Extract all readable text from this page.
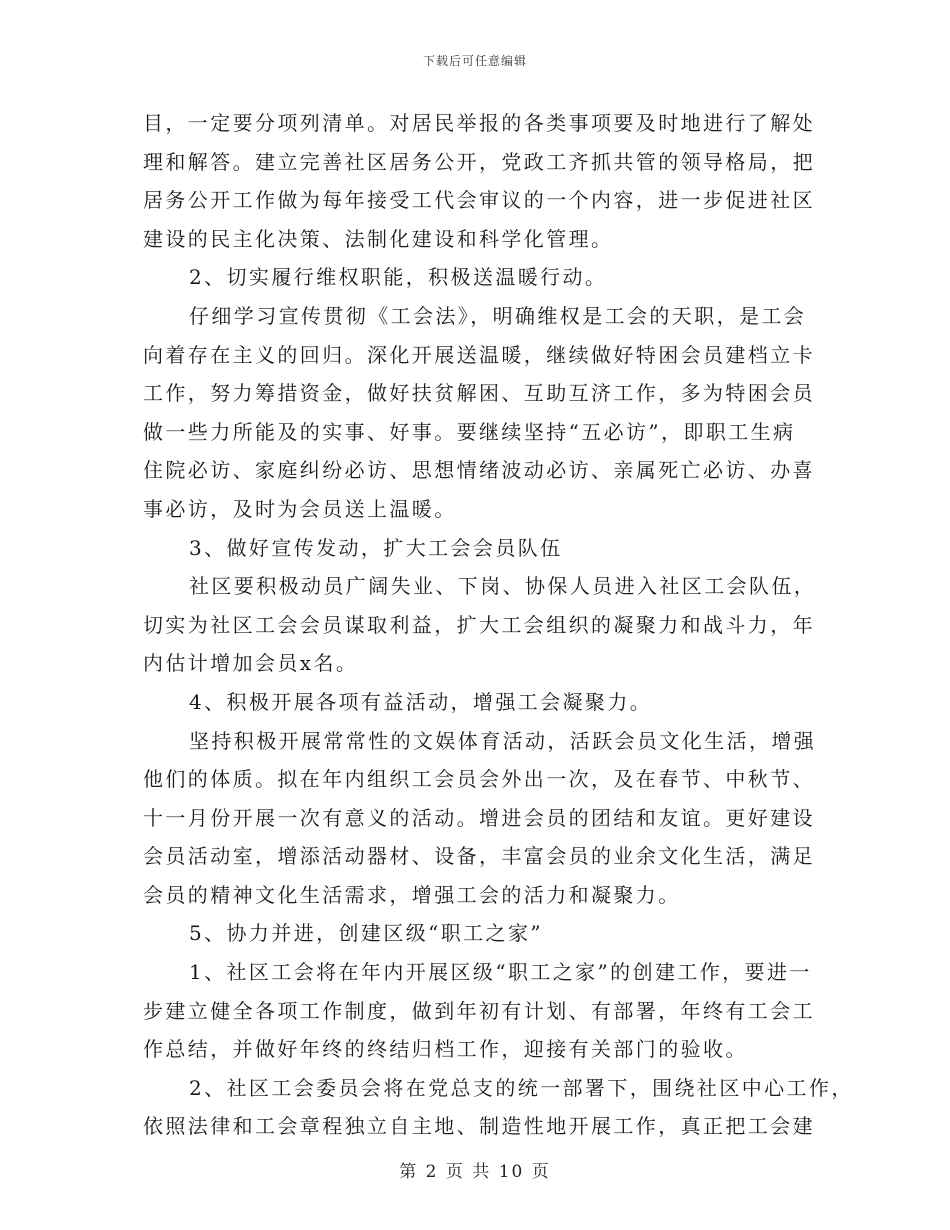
下载后可任意编辑
目，一定要分项列清单。对居民举报的各类事项要及时地进行了解处
理和解答。建立完善社区居务公开，党政工齐抓共管的领导格局，把
居务公开工作做为每年接受工代会审议的一个内容，进一步促进社区
建设的民主化决策、法制化建设和科学化管理。
2、切实履行维权职能，积极送温暖行动。
仔细学习宣传贯彻《工会法》，明确维权是工会的天职，是工会
向着存在主义的回归。深化开展送温暖，继续做好特困会员建档立卡
工作，努力筹措资金，做好扶贫解困、互助互济工作，多为特困会员
做一些力所能及的实事、好事。要继续坚持“五必访”，即职工生病
住院必访、家庭纠纷必访、思想情绪波动必访、亲属死亡必访、办喜
事必访，及时为会员送上温暖。
3、做好宣传发动，扩大工会会员队伍
社区要积极动员广阔失业、下岗、协保人员进入社区工会队伍，
切实为社区工会会员谋取利益，扩大工会组织的凝聚力和战斗力，年
内估计增加会员x名。
4、积极开展各项有益活动，增强工会凝聚力。
坚持积极开展常常性的文娱体育活动，活跃会员文化生活，增强
他们的体质。拟在年内组织工会员会外出一次，及在春节、中秋节、
十一月份开展一次有意义的活动。增进会员的团结和友谊。更好建设
会员活动室，增添活动器材、设备，丰富会员的业余文化生活，满足
会员的精神文化生活需求，增强工会的活力和凝聚力。
5、协力并进，创建区级“职工之家”
1、社区工会将在年内开展区级“职工之家”的创建工作，要进一
步建立健全各项工作制度，做到年初有计划、有部署，年终有工会工
作总结，并做好年终的终结归档工作，迎接有关部门的验收。
2、社区工会委员会将在党总支的统一部署下，围绕社区中心工作，
依照法律和工会章程独立自主地、制造性地开展工作，真正把工会建
第 2 页 共 10 页
